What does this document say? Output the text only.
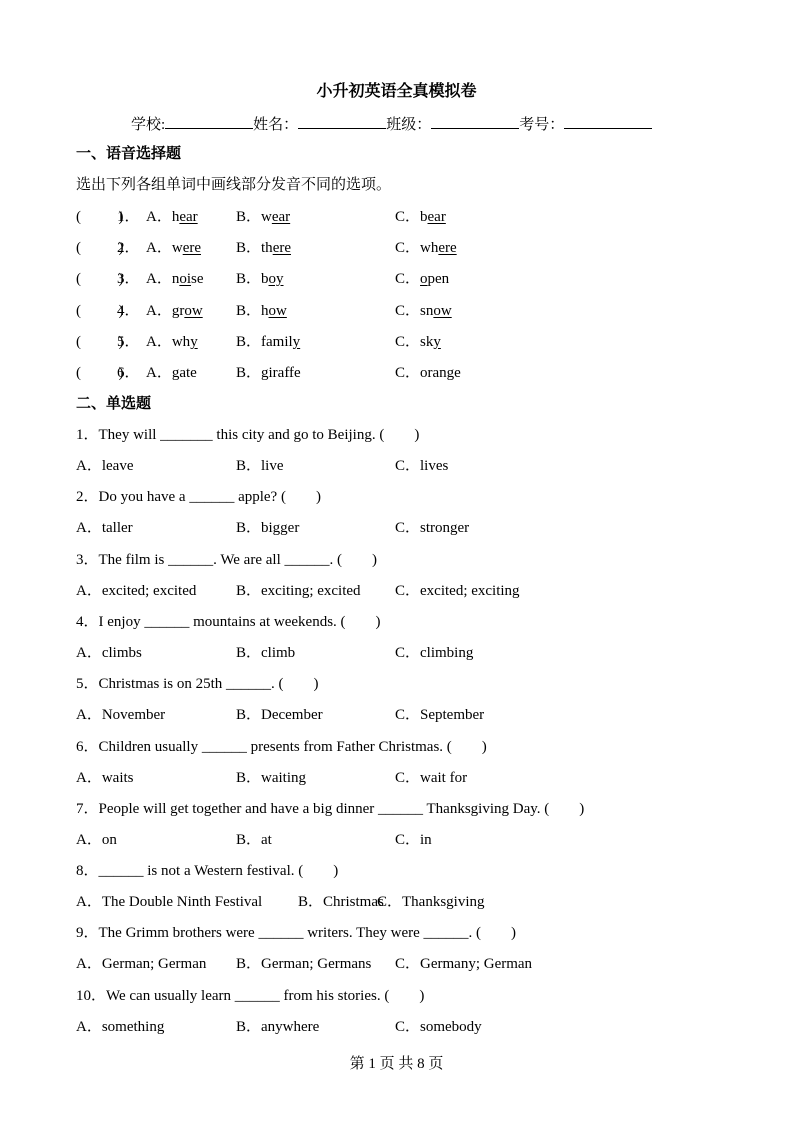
小升初英语全真模拟卷
学校:	姓名：	班级：	考号：
一、语音选择题
选出下列各组单词中画线部分发音不同的选项。
(　　 )
1． A．hear	B．wear	C．bear
(　　 )
2． A．were B．there	C．where
(　　 )
3． A．noise B．boy	C．open
(　　 )
4． A．grow B．how	C．snow
(　　 )
5． A．why	B．family	C．sky
(　　 )
6． A．gate	B．giraffe	C．orange
二、单选题
1．They will _______ this city and go to Beijing. (　　)
A．leave	B．live	C．lives
2．Do you have a ______ apple? (　　)
A．taller	B．bigger	C．stronger
3．The film is ______. We are all ______. (　　)
A．excited; excited	B．exciting; excited C．excited; exciting
4．I enjoy ______ mountains at weekends. (　　)
A．climbs	B．climb	C．climbing
5．Christmas is on 25th ______. (　　)
A．November	B．December	C．September
6．Children usually ______ presents from Father Christmas. (　　)
A．waits	B．waiting	C．wait for
7．People will get together and have a big dinner ______ Thanksgiving Day. (　　)
A．on	B．at	C．in
8．______ is not a Western festival. (　　)
A．The Double Ninth Festival B．Christmas
C．Thanksgiving
9．The Grimm brothers were ______ writers. They were ______. (　　)
A．German; German B．German; Germans C．Germany; German
10．We can usually learn ______ from his stories. (　　)
A．something	B．anywhere	C．somebody
第 1 页 共 8 页
